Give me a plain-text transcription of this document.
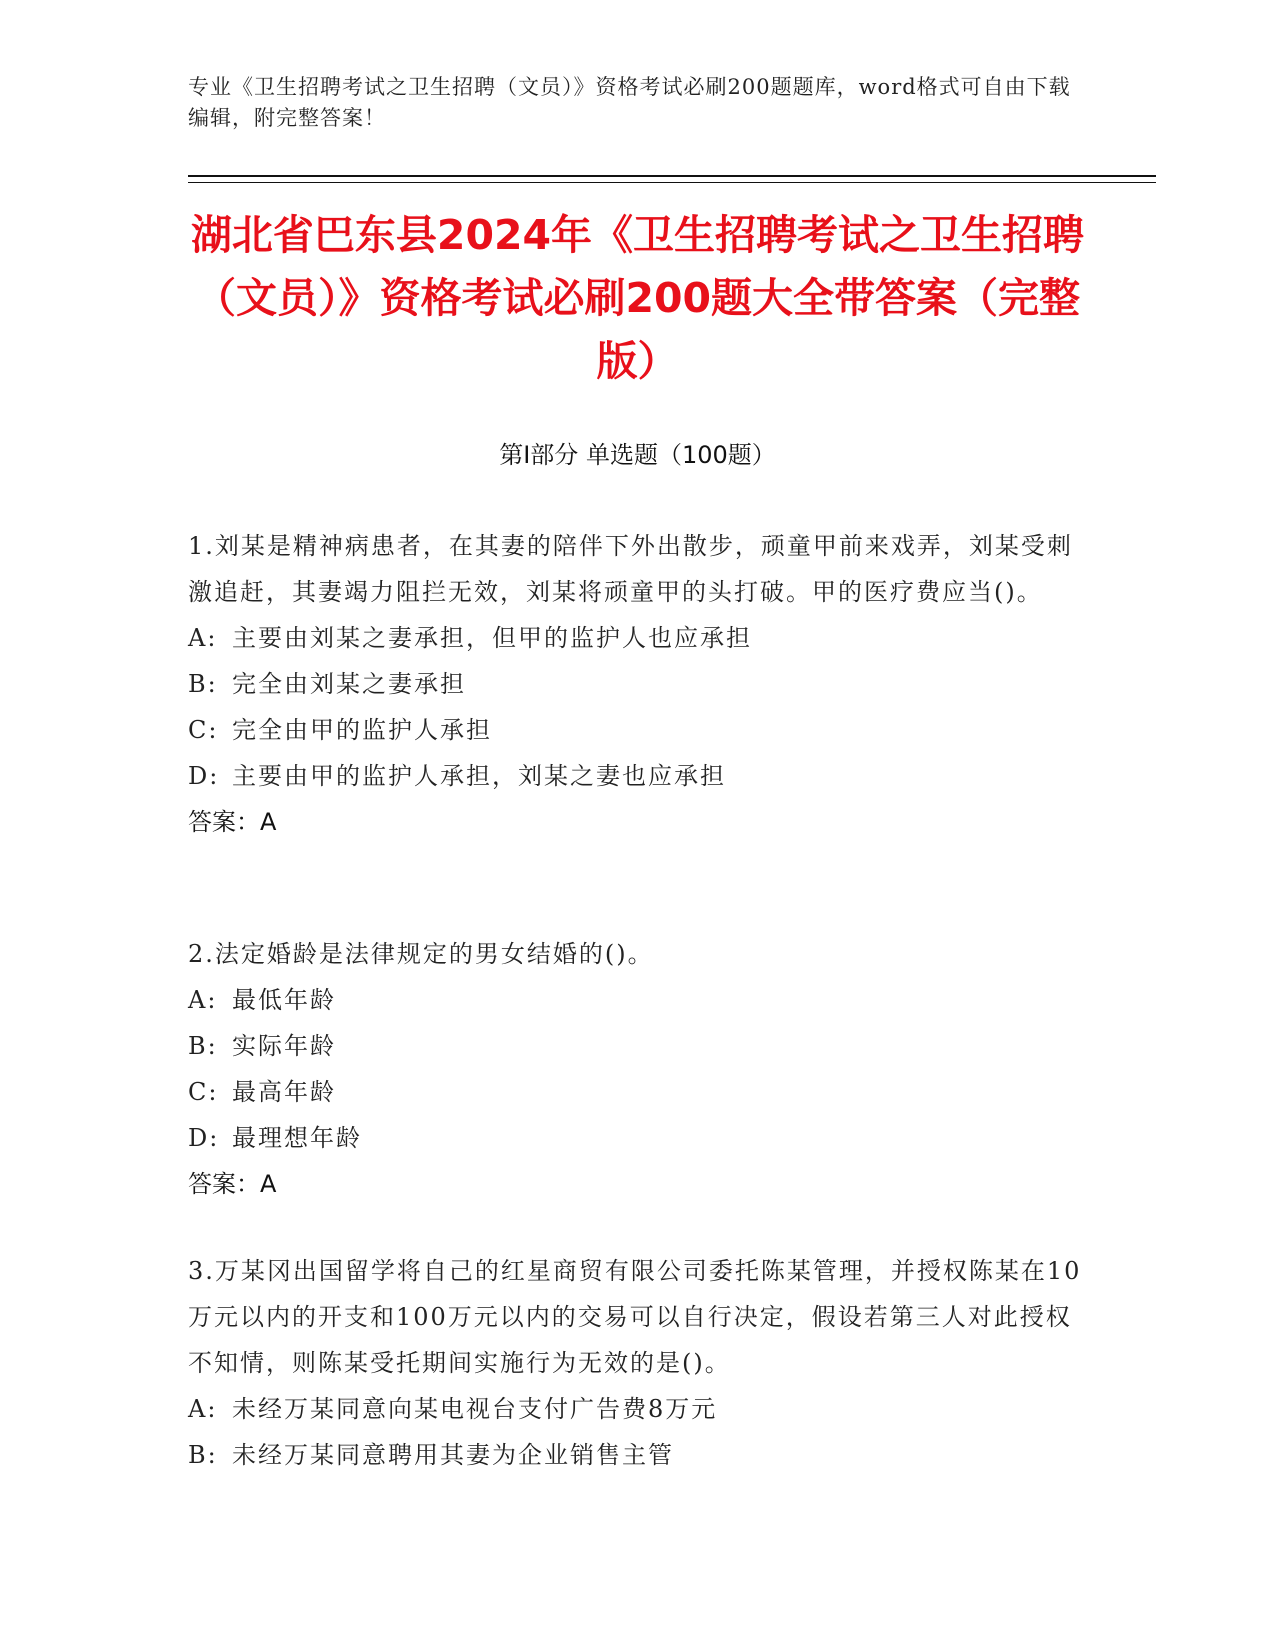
专业《卫生招聘考试之卫生招聘（文员）》资格考试必刷200题题库，word格式可自由下载编辑，附完整答案！
湖北省巴东县2024年《卫生招聘考试之卫生招聘（文员）》资格考试必刷200题大全带答案（完整版）
第I部分 单选题（100题）

1.刘某是精神病患者，在其妻的陪伴下外出散步，顽童甲前来戏弄，刘某受刺激追赶，其妻竭力阻拦无效，刘某将顽童甲的头打破。甲的医疗费应当()。

A: 主要由刘某之妻承担，但甲的监护人也应承担

B: 完全由刘某之妻承担

C: 完全由甲的监护人承担

D: 主要由甲的监护人承担，刘某之妻也应承担

答案：A

2.法定婚龄是法律规定的男女结婚的()。

A: 最低年龄

B: 实际年龄

C: 最高年龄

D: 最理想年龄

答案：A

3.万某冈出国留学将自己的红星商贸有限公司委托陈某管理，并授权陈某在10万元以内的开支和100万元以内的交易可以自行决定，假设若第三人对此授权不知情，则陈某受托期间实施行为无效的是()。

A: 未经万某同意向某电视台支付广告费8万元

B: 未经万某同意聘用其妻为企业销售主管
